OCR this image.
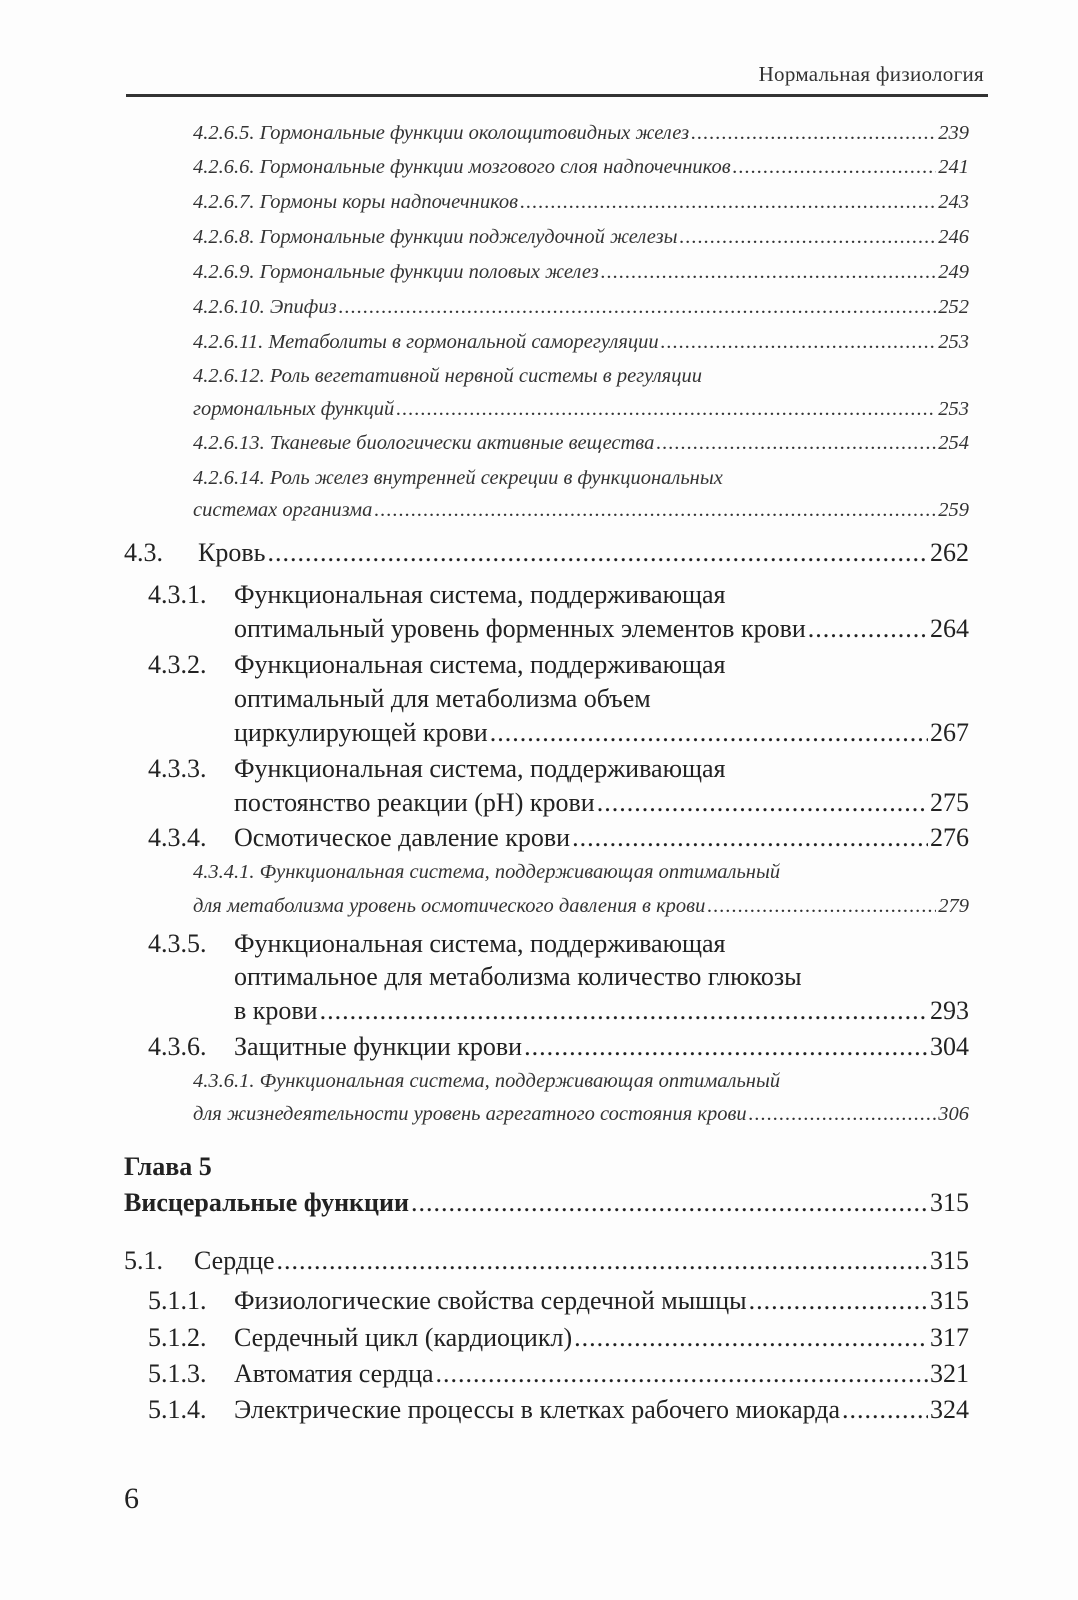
Нормальная физиология
4.2.6.5. Гормональные функции околощитовидных желез .....	239
4.2.6.6. Гормональные функции мозгового слоя надпочечников .....	241
4.2.6.7. Гормоны коры надпочечников .....	243
4.2.6.8. Гормональные функции поджелудочной железы .....	246
4.2.6.9. Гормональные функции половых желез .....	249
4.2.6.10. Эпифиз .....	252
4.2.6.11. Метаболиты в гормональной саморегуляции .....	253
4.2.6.12. Роль вегетативной нервной системы в регуляции
гормональных функций .....	253
4.2.6.13. Тканевые биологически активные вещества .....	254
4.2.6.14. Роль желез внутренней секреции в функциональных
системах организма .....	259
4.3.	Кровь .....	262
4.3.1. Функциональная система, поддерживающая
оптимальный уровень форменных элементов крови .....	264
4.3.2. Функциональная система, поддерживающая
оптимальный для метаболизма объем
циркулирующей крови .....	267
4.3.3. Функциональная система, поддерживающая
постоянство реакции (рН) крови .....	275
4.3.4. Осмотическое давление крови .....	276
4.3.4.1. Функциональная система, поддерживающая оптимальный
для метаболизма уровень осмотического давления в крови .....	279
4.3.5. Функциональная система, поддерживающая
оптимальное для метаболизма количество глюкозы
в крови .....	293
4.3.6. Защитные функции крови .....	304
4.3.6.1. Функциональная система, поддерживающая оптимальный
для жизнедеятельности уровень агрегатного состояния крови .....	306
Глава 5
Висцеральные функции .....	315
5.1.	Сердце .....	315
5.1.1. Физиологические свойства сердечной мышцы .....	315
5.1.2. Сердечный цикл (кардиоцикл) .....	317
5.1.3. Автоматия сердца .....	321
5.1.4. Электрические процессы в клетках рабочего миокарда .....	324
6
